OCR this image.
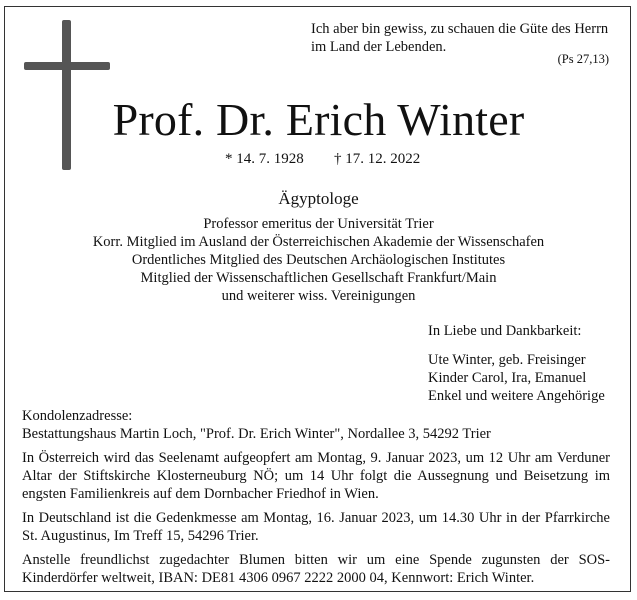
Ich aber bin gewiss, zu schauen die Güte des Herrn
im Land der Lebenden.
(Ps 27,13)
Prof. Dr. Erich Winter
* 14. 7. 1928 † 17. 12. 2022
Ägyptologe
Professor emeritus der Universität Trier
Korr. Mitglied im Ausland der Österreichischen Akademie der Wissenschafen
Ordentliches Mitglied des Deutschen Archäologischen Institutes
Mitglied der Wissenschaftlichen Gesellschaft Frankfurt/Main
und weiterer wiss. Vereinigungen
In Liebe und Dankbarkeit:
Ute Winter, geb. Freisinger
Kinder Carol, Ira, Emanuel
Enkel und weitere Angehörige

Kondolenzadresse:
Bestattungshaus Martin Loch, "Prof. Dr. Erich Winter", Nordallee 3, 54292 Trier

In Österreich wird das Seelenamt aufgeopfert am Montag, 9. Januar 2023, um 12 Uhr am Verduner Altar der Stiftskirche Klosterneuburg NÖ; um 14 Uhr folgt die Aussegnung und Beisetzung im engsten Familienkreis auf dem Dornbacher Friedhof in Wien.

In Deutschland ist die Gedenkmesse am Montag, 16. Januar 2023, um 14.30 Uhr in der Pfarrkirche St. Augustinus, Im Treff 15, 54296 Trier.

Anstelle freundlichst zugedachter Blumen bitten wir um eine Spende zugunsten der SOS-Kinderdörfer weltweit, IBAN: DE81 4306 0967 2222 2000 04, Kennwort: Erich Winter.
